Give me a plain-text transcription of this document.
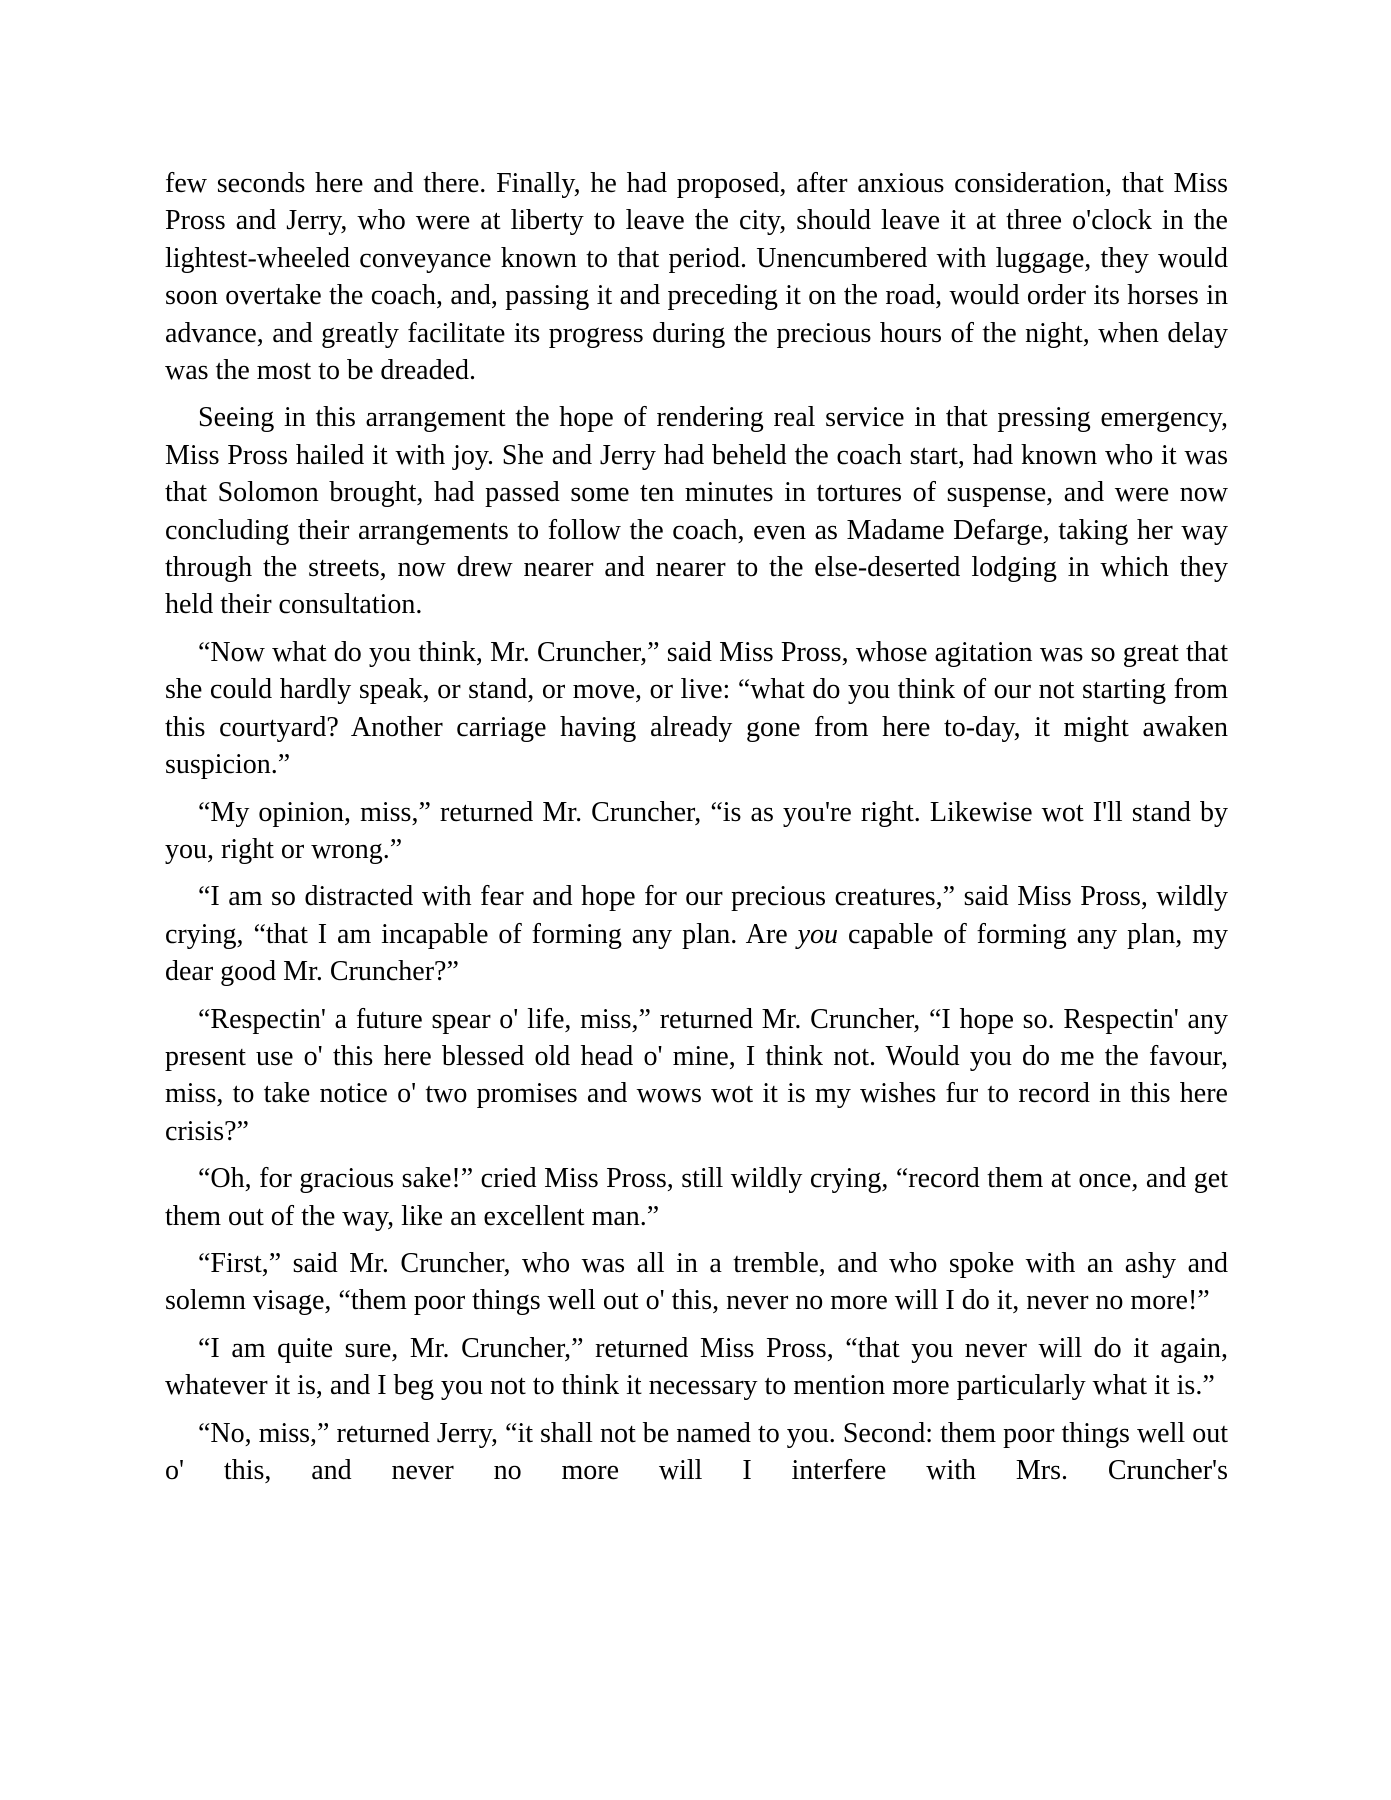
few seconds here and there. Finally, he had proposed, after anxious consideration, that Miss Pross and Jerry, who were at liberty to leave the city, should leave it at three o'clock in the lightest-wheeled conveyance known to that period. Unencumbered with luggage, they would soon overtake the coach, and, passing it and preceding it on the road, would order its horses in advance, and greatly facilitate its progress during the precious hours of the night, when delay was the most to be dreaded.

Seeing in this arrangement the hope of rendering real service in that pressing emergency, Miss Pross hailed it with joy. She and Jerry had beheld the coach start, had known who it was that Solomon brought, had passed some ten minutes in tortures of suspense, and were now concluding their arrangements to follow the coach, even as Madame Defarge, taking her way through the streets, now drew nearer and nearer to the else-deserted lodging in which they held their consultation.

“Now what do you think, Mr. Cruncher,” said Miss Pross, whose agitation was so great that she could hardly speak, or stand, or move, or live: “what do you think of our not starting from this courtyard? Another carriage having already gone from here to-day, it might awaken suspicion.”

“My opinion, miss,” returned Mr. Cruncher, “is as you're right. Likewise wot I'll stand by you, right or wrong.”

“I am so distracted with fear and hope for our precious creatures,” said Miss Pross, wildly crying, “that I am incapable of forming any plan. Are you capable of forming any plan, my dear good Mr. Cruncher?”

“Respectin' a future spear o' life, miss,” returned Mr. Cruncher, “I hope so. Respectin' any present use o' this here blessed old head o' mine, I think not. Would you do me the favour, miss, to take notice o' two promises and wows wot it is my wishes fur to record in this here crisis?”

“Oh, for gracious sake!” cried Miss Pross, still wildly crying, “record them at once, and get them out of the way, like an excellent man.”

“First,” said Mr. Cruncher, who was all in a tremble, and who spoke with an ashy and solemn visage, “them poor things well out o' this, never no more will I do it, never no more!”

“I am quite sure, Mr. Cruncher,” returned Miss Pross, “that you never will do it again, whatever it is, and I beg you not to think it necessary to mention more particularly what it is.”

“No, miss,” returned Jerry, “it shall not be named to you. Second: them poor things well out o' this, and never no more will I interfere with Mrs. Cruncher's
